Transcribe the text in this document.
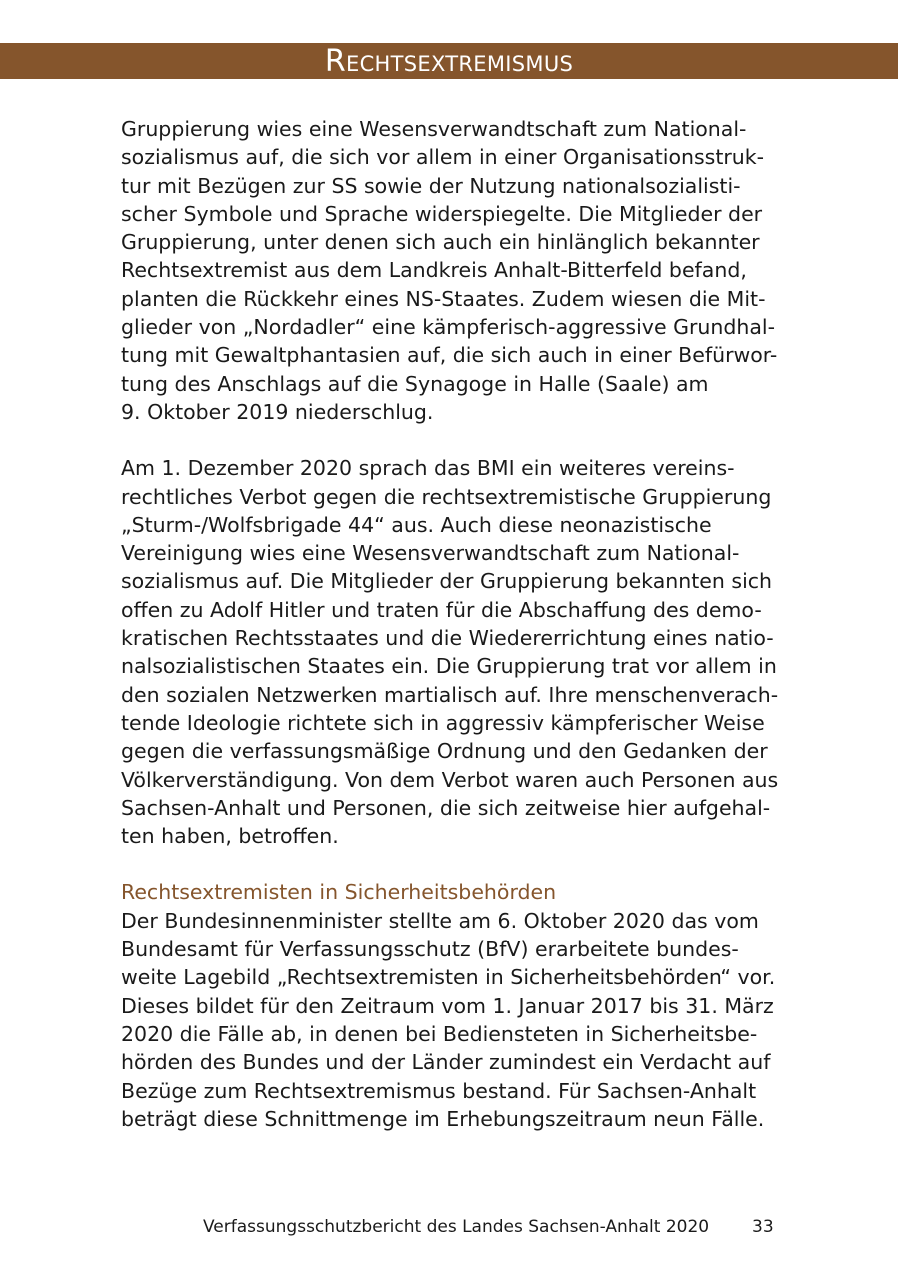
Rechtsextremismus

Gruppierung wies eine Wesensverwandtschaft zum National-
sozialismus auf, die sich vor allem in einer Organisationsstruk-
tur mit Bezügen zur SS sowie der Nutzung nationalsozialisti-
scher Symbole und Sprache widerspiegelte. Die Mitglieder der
Gruppierung, unter denen sich auch ein hinlänglich bekannter
Rechtsextremist aus dem Landkreis Anhalt-Bitterfeld befand,
planten die Rückkehr eines NS-Staates. Zudem wiesen die Mit-
glieder von „Nordadler“ eine kämpferisch-aggressive Grundhal-
tung mit Gewaltphantasien auf, die sich auch in einer Befürwor-
tung des Anschlags auf die Synagoge in Halle (Saale) am
9. Oktober 2019 niederschlug.

Am 1. Dezember 2020 sprach das BMI ein weiteres vereins-
rechtliches Verbot gegen die rechtsextremistische Gruppierung
„Sturm-/Wolfsbrigade 44“ aus. Auch diese neonazistische
Vereinigung wies eine Wesensverwandtschaft zum National-
sozialismus auf. Die Mitglieder der Gruppierung bekannten sich
offen zu Adolf Hitler und traten für die Abschaffung des demo-
kratischen Rechtsstaates und die Wiedererrichtung eines natio-
nalsozialistischen Staates ein. Die Gruppierung trat vor allem in
den sozialen Netzwerken martialisch auf. Ihre menschenverach-
tende Ideologie richtete sich in aggressiv kämpferischer Weise
gegen die verfassungsmäßige Ordnung und den Gedanken der
Völkerverständigung. Von dem Verbot waren auch Personen aus
Sachsen-Anhalt und Personen, die sich zeitweise hier aufgehal-
ten haben, betroffen.

Rechtsextremisten in Sicherheitsbehörden
Der Bundesinnenminister stellte am 6. Oktober 2020 das vom
Bundesamt für Verfassungsschutz (BfV) erarbeitete bundes-
weite Lagebild „Rechtsextremisten in Sicherheitsbehörden“ vor.
Dieses bildet für den Zeitraum vom 1. Januar 2017 bis 31. März
2020 die Fälle ab, in denen bei Bediensteten in Sicherheitsbe-
hörden des Bundes und der Länder zumindest ein Verdacht auf
Bezüge zum Rechtsextremismus bestand. Für Sachsen-Anhalt
beträgt diese Schnittmenge im Erhebungszeitraum neun Fälle.

Verfassungsschutzbericht des Landes Sachsen-Anhalt 2020	33
